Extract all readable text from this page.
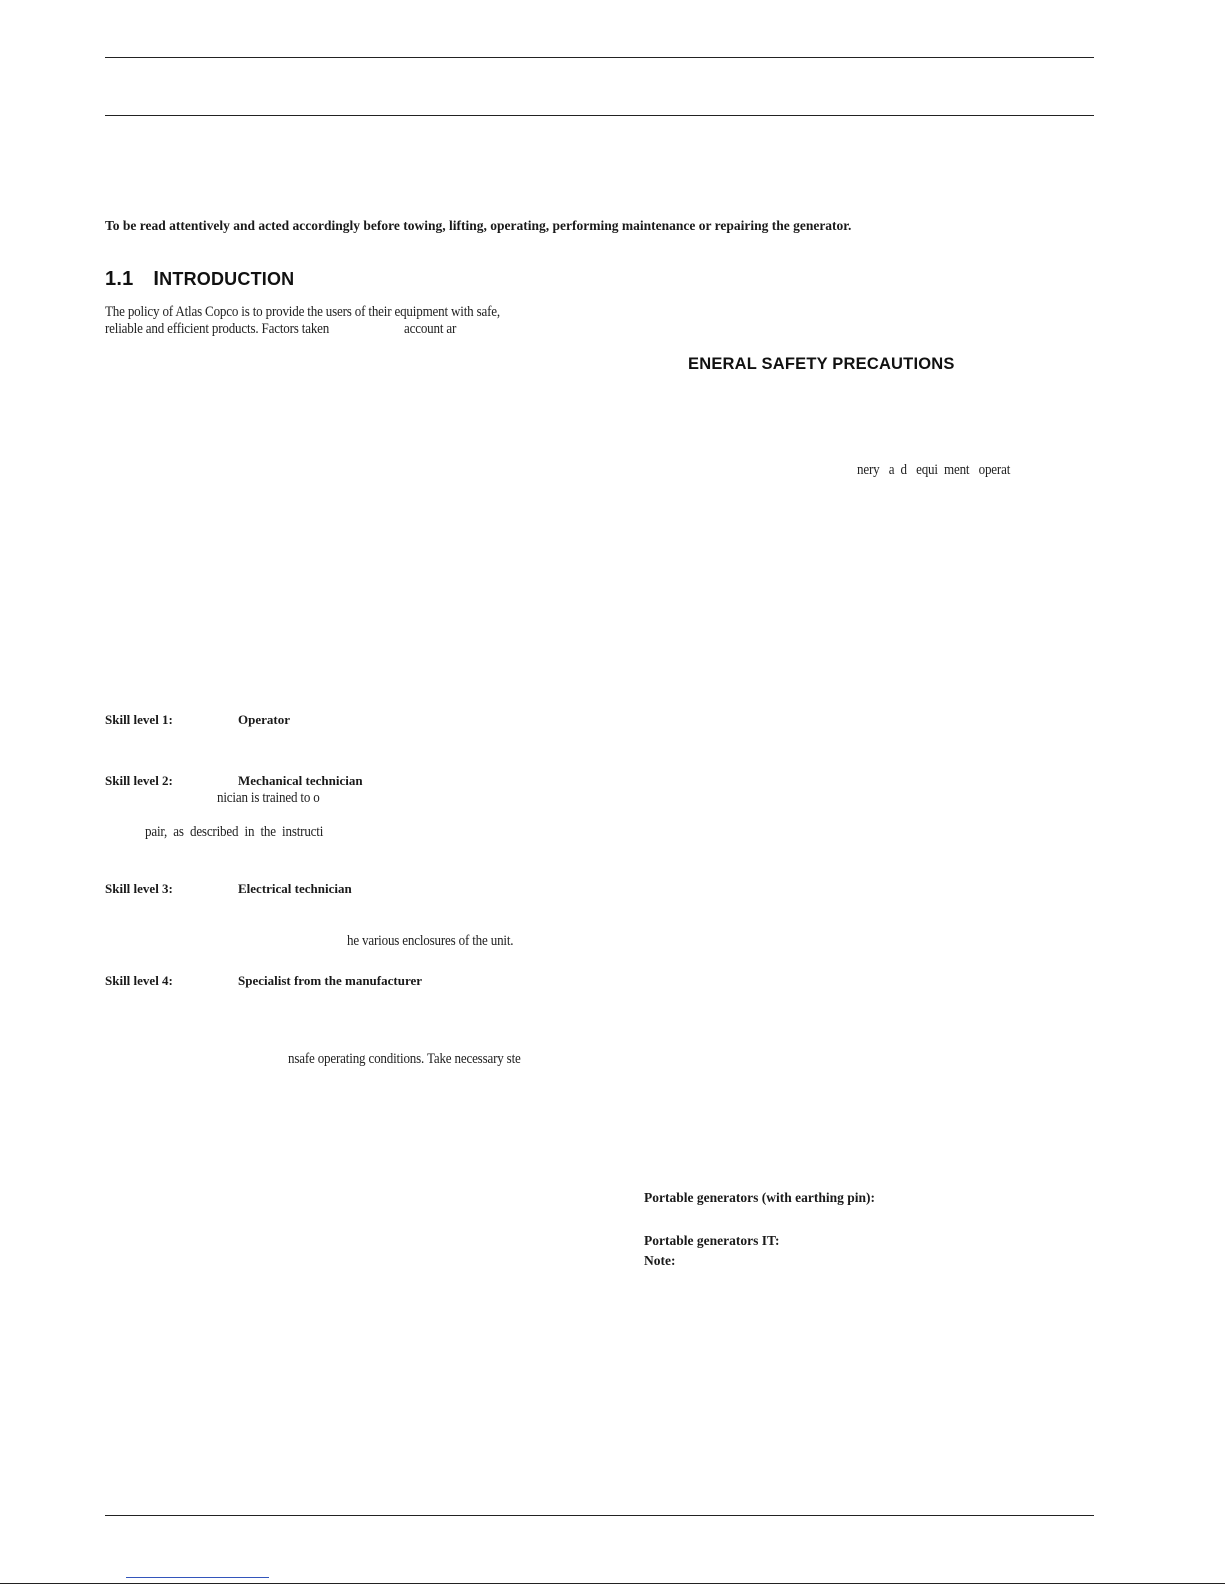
To be read attentively and acted accordingly before towing, lifting, operating, performing maintenance or repairing the generator.
1.1 INTRODUCTION
The policy of Atlas Copco is to provide the users of their equipment with safe,
reliable and efficient products. Factors taken	account ar
ENERAL SAFETY PRECAUTIONS
nery   a  d   equi  ment   operat
Skill level 1:	Operator
Skill level 2:	Mechanical technician
nician is trained to o
pair,  as  described  in  the  instructi
Skill level 3:	Electrical technician
he various enclosures of the unit.
Skill level 4:	Specialist from the manufacturer
nsafe operating conditions. Take necessary ste
Portable generators (with earthing pin):
Portable generators IT:
Note:
